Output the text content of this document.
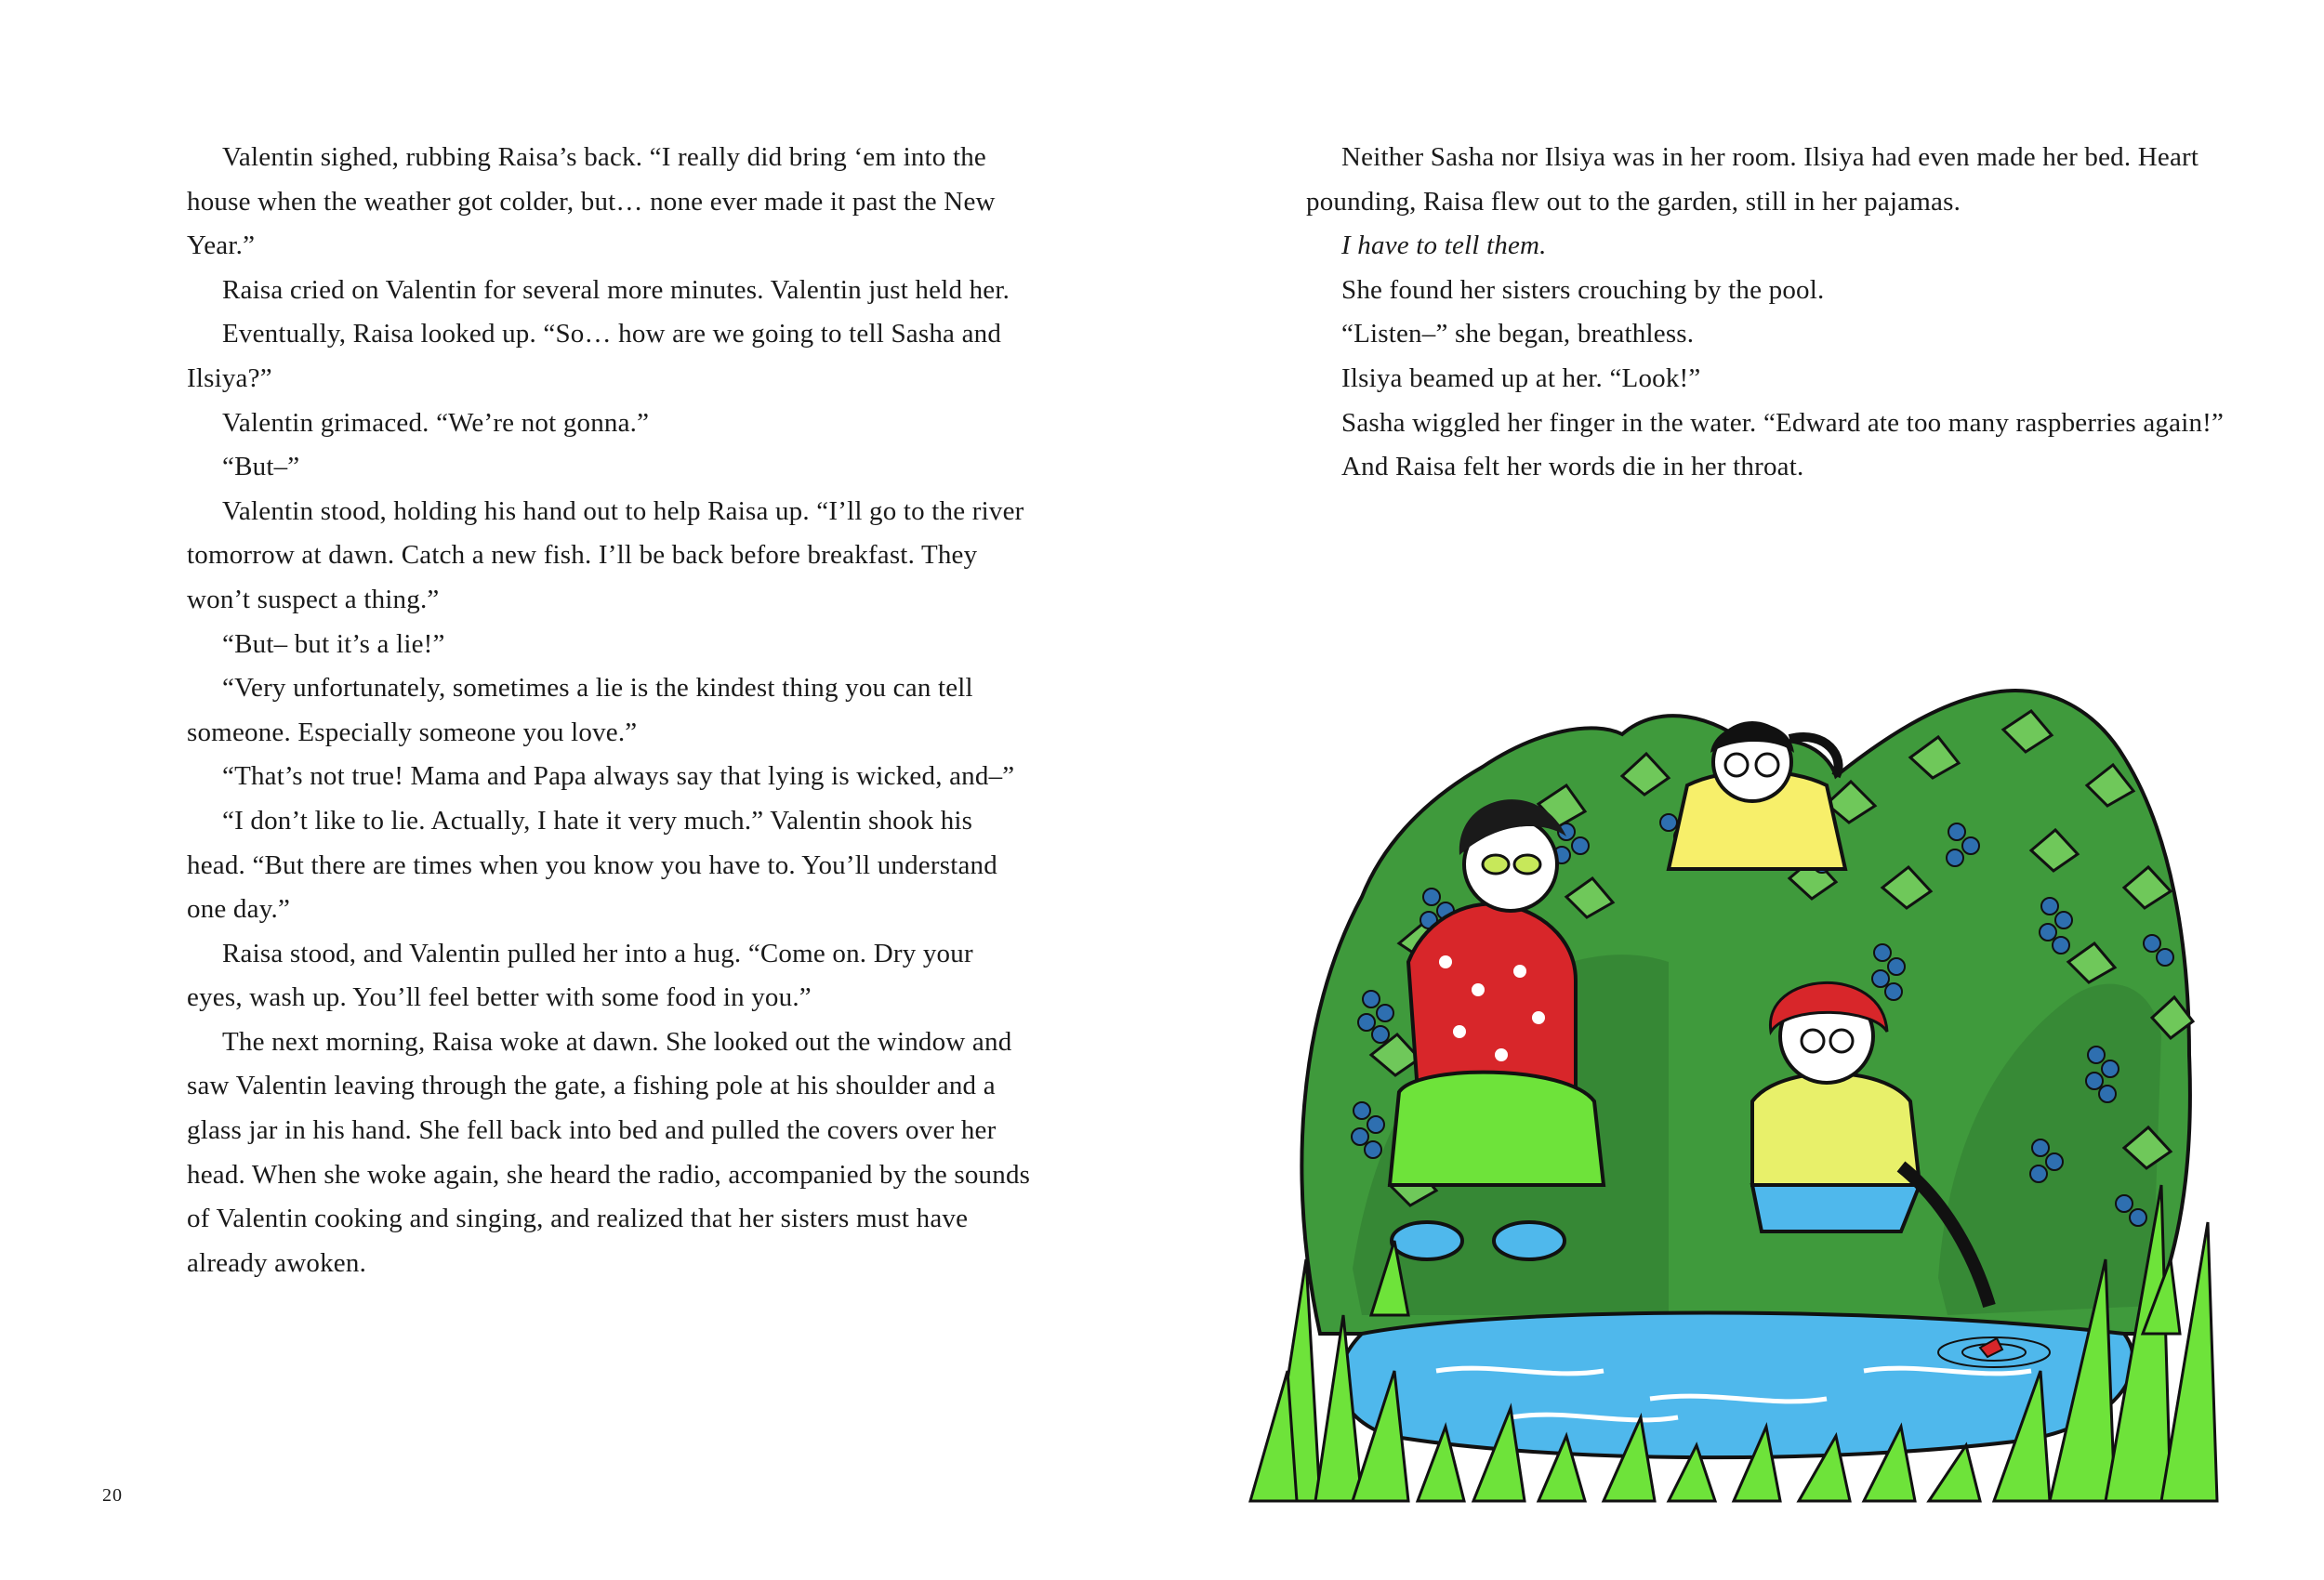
Valentin sighed, rubbing Raisa’s back. “I really did bring ‘em into the house when the weather got colder, but… none ever made it past the New Year.”

Raisa cried on Valentin for several more minutes. Valentin just held her.

Eventually, Raisa looked up. “So… how are we going to tell Sasha and Ilsiya?”

Valentin grimaced. “We’re not gonna.”

“But–”

Valentin stood, holding his hand out to help Raisa up. “I’ll go to the river tomorrow at dawn. Catch a new fish. I’ll be back before breakfast. They won’t suspect a thing.”

“But– but it’s a lie!”

“Very unfortunately, sometimes a lie is the kindest thing you can tell someone. Especially someone you love.”

“That’s not true! Mama and Papa always say that lying is wicked, and–”

“I don’t like to lie. Actually, I hate it very much.” Valentin shook his head. “But there are times when you know you have to. You’ll understand one day.”

Raisa stood, and Valentin pulled her into a hug. “Come on. Dry your eyes, wash up. You’ll feel better with some food in you.”

The next morning, Raisa woke at dawn. She looked out the window and saw Valentin leaving through the gate, a fishing pole at his shoulder and a glass jar in his hand. She fell back into bed and pulled the covers over her head. When she woke again, she heard the radio, accompanied by the sounds of Valentin cooking and singing, and realized that her sisters must have already awoken.

20

Neither Sasha nor Ilsiya was in her room. Ilsiya had even made her bed. Heart pounding, Raisa flew out to the garden, still in her pajamas.

I have to tell them.

She found her sisters crouching by the pool.

“Listen–” she began, breathless.

Ilsiya beamed up at her. “Look!”

Sasha wiggled her finger in the water. “Edward ate too many raspberries again!”

And Raisa felt her words die in her throat.
